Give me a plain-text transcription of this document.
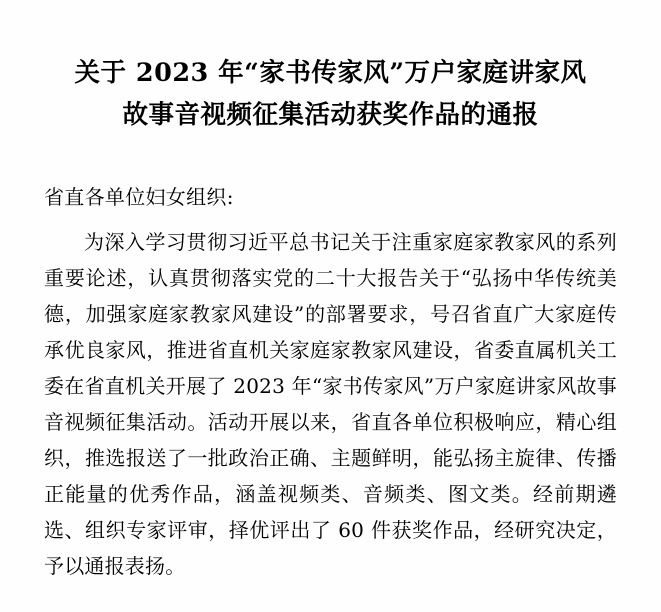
关于 2023 年“家书传家风”万户家庭讲家风
故事音视频征集活动获奖作品的通报
省直各单位妇女组织:

为深入学习贯彻习近平总书记关于注重家庭家教家风的系列重要论述，认真贯彻落实党的二十大报告关于“弘扬中华传统美德，加强家庭家教家风建设”的部署要求，号召省直广大家庭传承优良家风，推进省直机关家庭家教家风建设，省委直属机关工委在省直机关开展了 2023 年“家书传家风”万户家庭讲家风故事音视频征集活动。活动开展以来，省直各单位积极响应，精心组织，推选报送了一批政治正确、主题鲜明，能弘扬主旋律、传播正能量的优秀作品，涵盖视频类、音频类、图文类。经前期遴选、组织专家评审，择优评出了 60 件获奖作品，经研究决定，予以通报表扬。
